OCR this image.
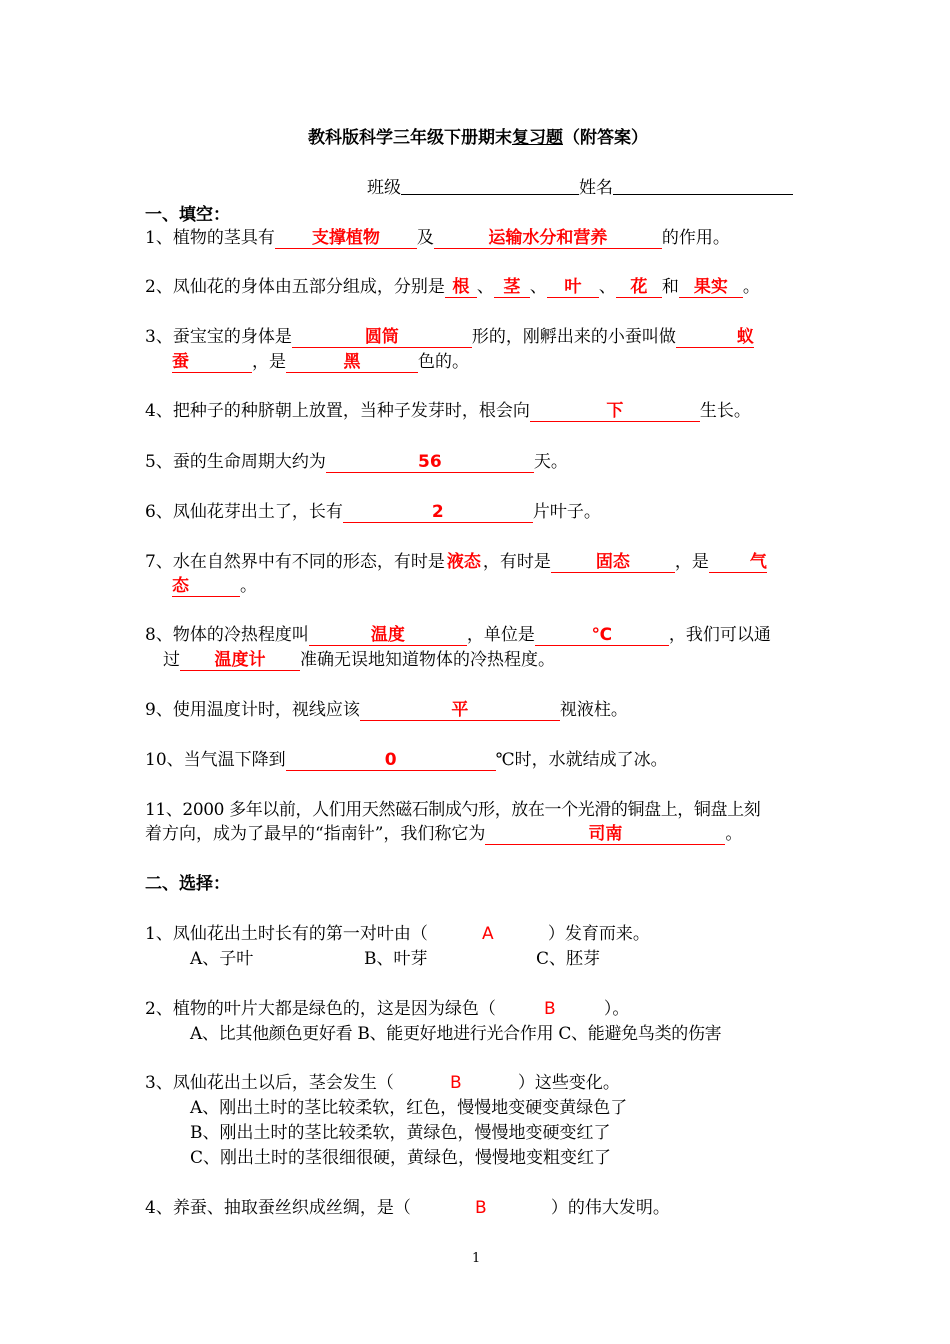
教科版科学三年级下册期末复习题（附答案）
班级	姓名
一、填空：
1、植物的茎具有 支撑植物 及	运输水分和营养	的作用。
2、凤仙花的身体由五部分组成，分别是 根 、 茎 、 叶 、 花 和 果实 。
3、蚕宝宝的身体是	圆筒	形的，刚孵出来的小蚕叫做	蚁
蚕	，是	黑	色的。
4、把种子的种脐朝上放置，当种子发芽时，根会向	下	生长。
5、蚕的生命周期大约为	56	天。
6、凤仙花芽出土了，长有	2	片叶子。
7、水在自然界中有不同的形态，有时是 液态 ，有时是	固态	，是 气
态	。
8、物体的冷热程度叫	温度	，单位是	℃	，我们可以通
过 温度计 准确无误地知道物体的冷热程度。
9、使用温度计时，视线应该	平	视液柱。
10、当气温下降到	0	℃时，水就结成了冰。
11、2000 多年以前，人们用天然磁石制成勺形，放在一个光滑的铜盘上，铜盘上刻
着方向，成为了最早的“指南针”，我们称它为	司南	。
二、选择：
1、凤仙花出土时长有的第一对叶由（	A	）发育而来。
A、子叶	B、叶芽	C、胚芽
2、植物的叶片大都是绿色的，这是因为绿色（	B	）。
A、比其他颜色更好看 B、能更好地进行光合作用 C、能避免鸟类的伤害
3、凤仙花出土以后，茎会发生（	B	）这些变化。
A、刚出土时的茎比较柔软，红色，慢慢地变硬变黄绿色了
B、刚出土时的茎比较柔软，黄绿色，慢慢地变硬变红了
C、刚出土时的茎很细很硬，黄绿色，慢慢地变粗变红了
4、养蚕、抽取蚕丝织成丝绸，是（	B	）的伟大发明。
1
